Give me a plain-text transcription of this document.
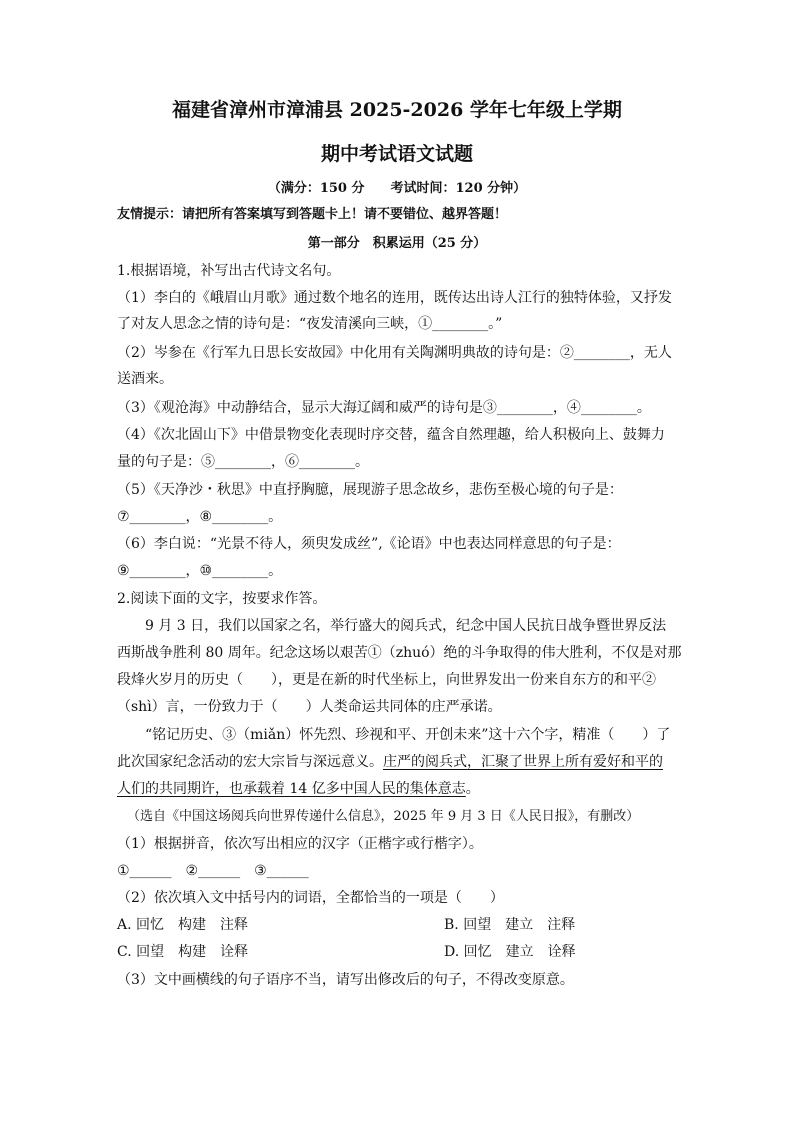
福建省漳州市漳浦县 2025-2026 学年七年级上学期
期中考试语文试题
（满分：150 分　　考试时间：120 分钟）
友情提示：请把所有答案填写到答题卡上！请不要错位、越界答题！
第一部分　积累运用（25 分）
1.根据语境，补写出古代诗文名句。
（1）李白的《峨眉山月歌》通过数个地名的连用，既传达出诗人江行的独特体验，又抒发
了对友人思念之情的诗句是：“夜发清溪向三峡，①________。”
（2）岑参在《行军九日思长安故园》中化用有关陶渊明典故的诗句是：②________，无人
送酒来。
（3）《观沧海》中动静结合，显示大海辽阔和威严的诗句是③________，④________。
（4）《次北固山下》中借景物变化表现时序交替，蕴含自然理趣，给人积极向上、鼓舞力
量的句子是：⑤________，⑥________。
（5）《天净沙・秋思》中直抒胸臆，展现游子思念故乡，悲伤至极心境的句子是：
⑦________，⑧________。
（6）李白说：“光景不待人，须臾发成丝”,《论语》中也表达同样意思的句子是：
⑨________，⑩________。
2.阅读下面的文字，按要求作答。
9 月 3 日，我们以国家之名，举行盛大的阅兵式，纪念中国人民抗日战争暨世界反法
西斯战争胜利 80 周年。纪念这场以艰苦①（zhuó）绝的斗争取得的伟大胜利，不仅是对那
段烽火岁月的历史（　　），更是在新的时代坐标上，向世界发出一份来自东方的和平②
（shì）言，一份致力于（　　）人类命运共同体的庄严承诺。
“铭记历史、③（miǎn）怀先烈、珍视和平、开创未来”这十六个字，精准（　　）了
此次国家纪念活动的宏大宗旨与深远意义。庄严的阅兵式，汇聚了世界上所有爱好和平的
人们的共同期许，也承载着 14 亿多中国人民的集体意志。
（选自《中国这场阅兵向世界传递什么信息》，2025 年 9 月 3 日《人民日报》，有删改）
（1）根据拼音，依次写出相应的汉字（正楷字或行楷字）。
①______　②______　③______
（2）依次填入文中括号内的词语，全都恰当的一项是（　　）
A. 回忆　构建　注释	B. 回望　建立　注释
C. 回望　构建　诠释	D. 回忆　建立　诠释
（3）文中画横线的句子语序不当，请写出修改后的句子，不得改变原意。
